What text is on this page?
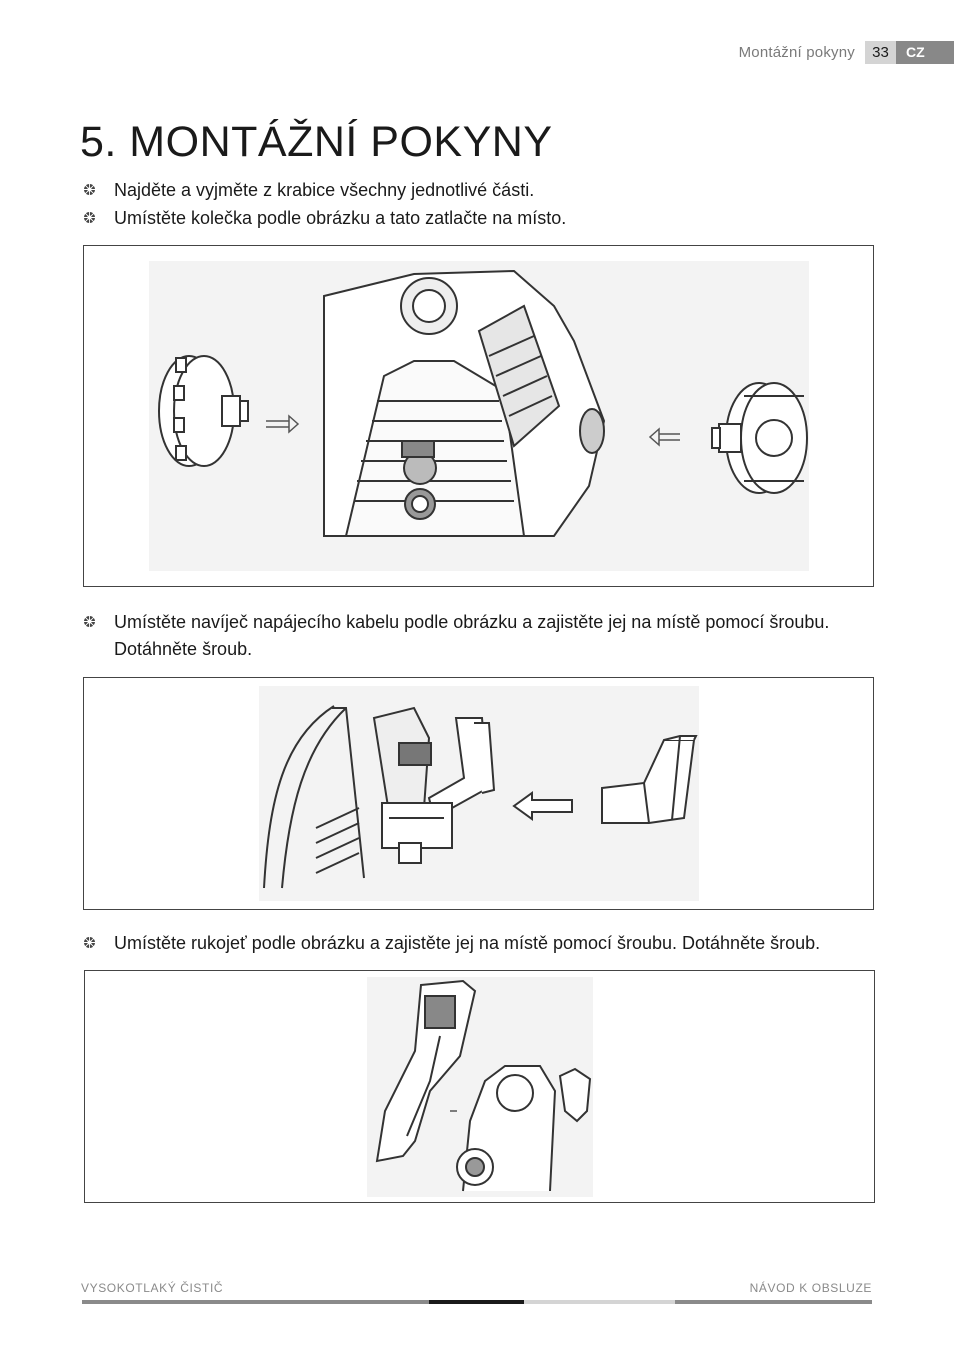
Montážní pokyny	33	CZ
5. MONTÁŽNÍ POKYNY
Najděte a vyjměte z krabice všechny jednotlivé části.
Umístěte kolečka podle obrázku a tato zatlačte na místo.
Umístěte navíječ napájecího kabelu podle obrázku a zajistěte jej na místě pomocí šroubu.
Dotáhněte šroub.
Umístěte rukojeť podle obrázku a zajistěte jej na místě pomocí šroubu. Dotáhněte šroub.
VYSOKOTLAKÝ ČISTIČ	NÁVOD K OBSLUZE
